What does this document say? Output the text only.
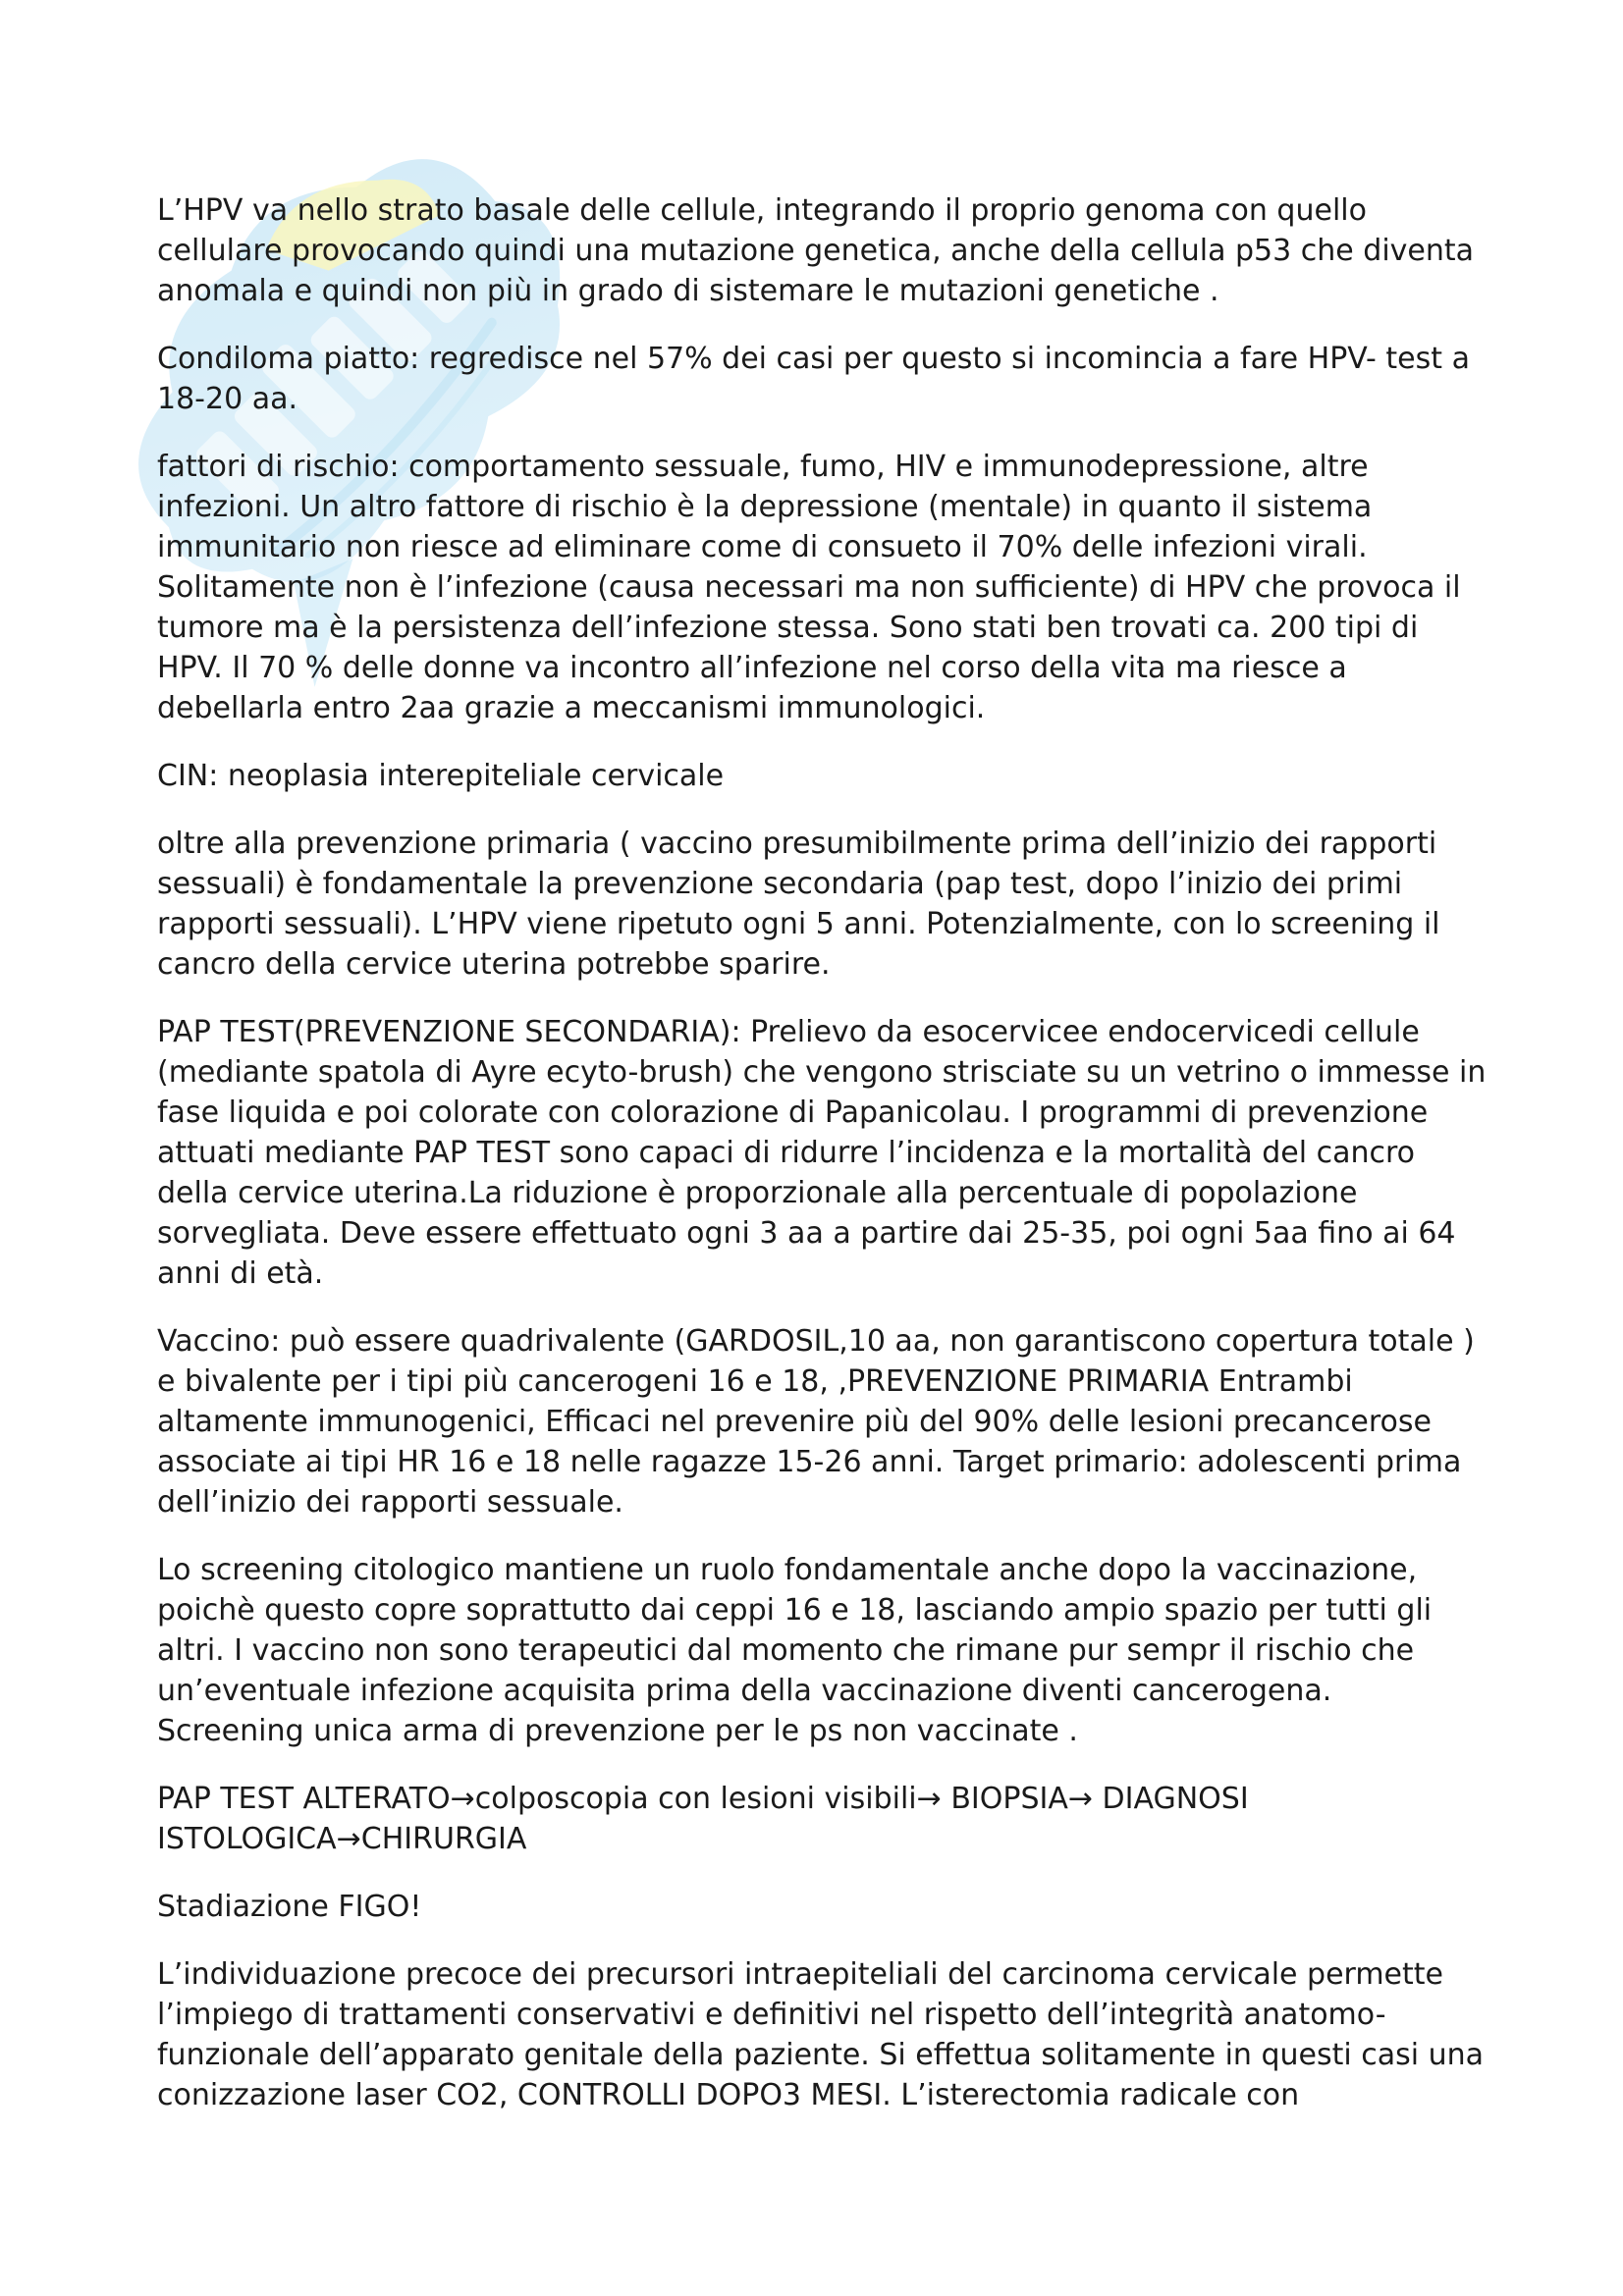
L’HPV va nello strato basale delle cellule, integrando il proprio genoma con quello cellulare provocando quindi una mutazione genetica, anche della cellula p53 che diventa anomala e quindi non più in grado di sistemare le mutazioni genetiche .

Condiloma piatto: regredisce nel 57% dei casi per questo si incomincia a fare HPV- test a 18-20 aa.

fattori di rischio: comportamento sessuale, fumo, HIV e immunodepressione, altre infezioni. Un altro fattore di rischio è la depressione (mentale) in quanto il sistema immunitario non riesce ad eliminare come di consueto il 70% delle infezioni virali. Solitamente non è l’infezione (causa necessari ma non sufficiente) di HPV che provoca il tumore ma è la persistenza dell’infezione stessa. Sono stati ben trovati ca. 200 tipi di HPV. Il 70 % delle donne va incontro all’infezione nel corso della vita ma riesce a debellarla entro 2aa grazie a meccanismi immunologici.

CIN: neoplasia interepiteliale cervicale

oltre alla prevenzione primaria ( vaccino presumibilmente prima dell’inizio dei rapporti sessuali) è fondamentale la prevenzione secondaria (pap test, dopo l’inizio dei primi rapporti sessuali). L’HPV viene ripetuto ogni 5 anni. Potenzialmente, con lo screening il cancro della cervice uterina potrebbe sparire.

PAP TEST(PREVENZIONE SECONDARIA): Prelievo da esocervicee endocervicedi cellule (mediante spatola di Ayre ecyto-brush) che vengono strisciate su un vetrino o immesse in fase liquida e poi colorate con colorazione di Papanicolau. I programmi di prevenzione attuati mediante PAP TEST sono capaci di ridurre l’incidenza e la mortalità del cancro della cervice uterina.La riduzione è proporzionale alla percentuale di popolazione sorvegliata. Deve essere effettuato ogni 3 aa a partire dai 25-35, poi ogni 5aa fino ai 64 anni di età.

Vaccino: può essere quadrivalente (GARDOSIL,10 aa, non garantiscono copertura totale ) e bivalente per i tipi più cancerogeni 16 e 18, ,PREVENZIONE PRIMARIA Entrambi altamente immunogenici, Efficaci nel prevenire più del 90% delle lesioni precancerose associate ai tipi HR 16 e 18 nelle ragazze 15-26 anni. Target primario: adolescenti prima dell’inizio dei rapporti sessuale.

Lo screening citologico mantiene un ruolo fondamentale anche dopo la vaccinazione, poichè questo copre soprattutto dai ceppi 16 e 18, lasciando ampio spazio per tutti gli altri. I vaccino non sono terapeutici dal momento che rimane pur sempr il rischio che un’eventuale infezione acquisita prima della vaccinazione diventi cancerogena. Screening unica arma di prevenzione per le ps non vaccinate .

PAP TEST ALTERATO→colposcopia con lesioni visibili→ BIOPSIA→ DIAGNOSI ISTOLOGICA→CHIRURGIA

Stadiazione FIGO!

L’individuazione precoce dei precursori intraepiteliali del carcinoma cervicale permette l’impiego di trattamenti conservativi e definitivi nel rispetto dell’integrità anatomo-funzionale dell’apparato genitale della paziente. Si effettua solitamente in questi casi una conizzazione laser CO2, CONTROLLI DOPO3 MESI. L’isterectomia radicale con
